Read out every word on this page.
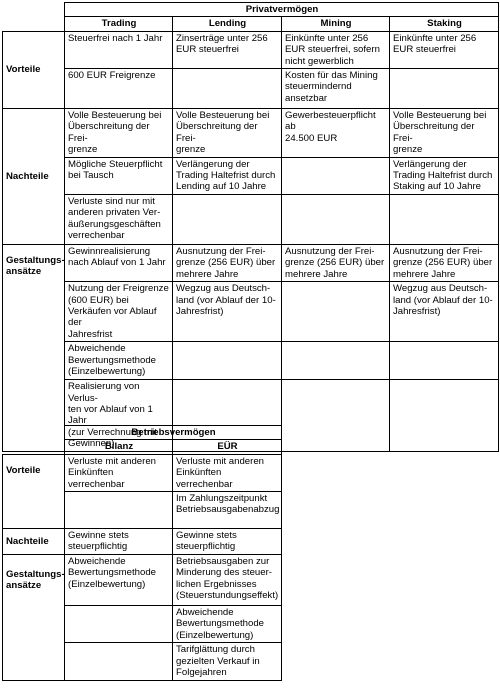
	Privatvermögen			
	Trading	Lending	Mining	Staking

Vorteile	Steuerfrei nach 1 Jahr	Zinserträge unter 256
EUR steuerfrei	Einkünfte unter 256
EUR steuerfrei, sofern
nicht gewerblich	Einkünfte unter 256
EUR steuerfrei

	600 EUR Freigrenze		Kosten für das Mining
steuermindernd
ansetzbar	

Nachteile	Volle Besteuerung bei
Überschreitung der Frei-
grenze	Volle Besteuerung bei
Überschreitung der Frei-
grenze	Gewerbesteuerpflicht ab
24.500 EUR	Volle Besteuerung bei
Überschreitung der Frei-
grenze

	Mögliche Steuerpflicht
bei Tausch	Verlängerung der
Trading Haltefrist durch
Lending auf 10 Jahre		Verlängerung der
Trading Haltefrist durch
Staking auf 10 Jahre

	Verluste sind nur mit
anderen privaten Ver-
äußerungsgeschäften
verrechenbar			

Gestaltungs-
ansätze	Gewinnrealisierung
nach Ablauf von 1 Jahr	Ausnutzung der Frei-
grenze (256 EUR) über
mehrere Jahre	Ausnutzung der Frei-
grenze (256 EUR) über
mehrere Jahre	Ausnutzung der Frei-
grenze (256 EUR) über
mehrere Jahre

	Nutzung der Freigrenze
(600 EUR) bei
Verkäufen vor Ablauf der
Jahresfrist	Wegzug aus Deutsch-
land (vor Ablauf der 10-
Jahresfrist)		Wegzug aus Deutsch-
land (vor Ablauf der 10-
Jahresfrist)

	Abweichende
Bewertungsmethode
(Einzelbewertung)			

	Realisierung von Verlus-
ten vor Ablauf von 1 Jahr
(zur Verrechnung mit
Gewinnen)			

	Betriebsvermögen	
	Bilanz	EÜR

Vorteile	Verluste mit anderen
Einkünften verrechenbar	Verluste mit anderen
Einkünften verrechenbar

		Im Zahlungszeitpunkt
Betriebsausgabenabzug

Nachteile	Gewinne stets
steuerpflichtig	Gewinne stets
steuerpflichtig

Gestaltungs-
ansätze	Abweichende
Bewertungsmethode
(Einzelbewertung)	Betriebsausgaben zur
Minderung des steuer-
lichen Ergebnisses
(Steuerstundungseffekt)

		Abweichende
Bewertungsmethode
(Einzelbewertung)

		Tarifglättung durch
gezielten Verkauf in
Folgejahren
